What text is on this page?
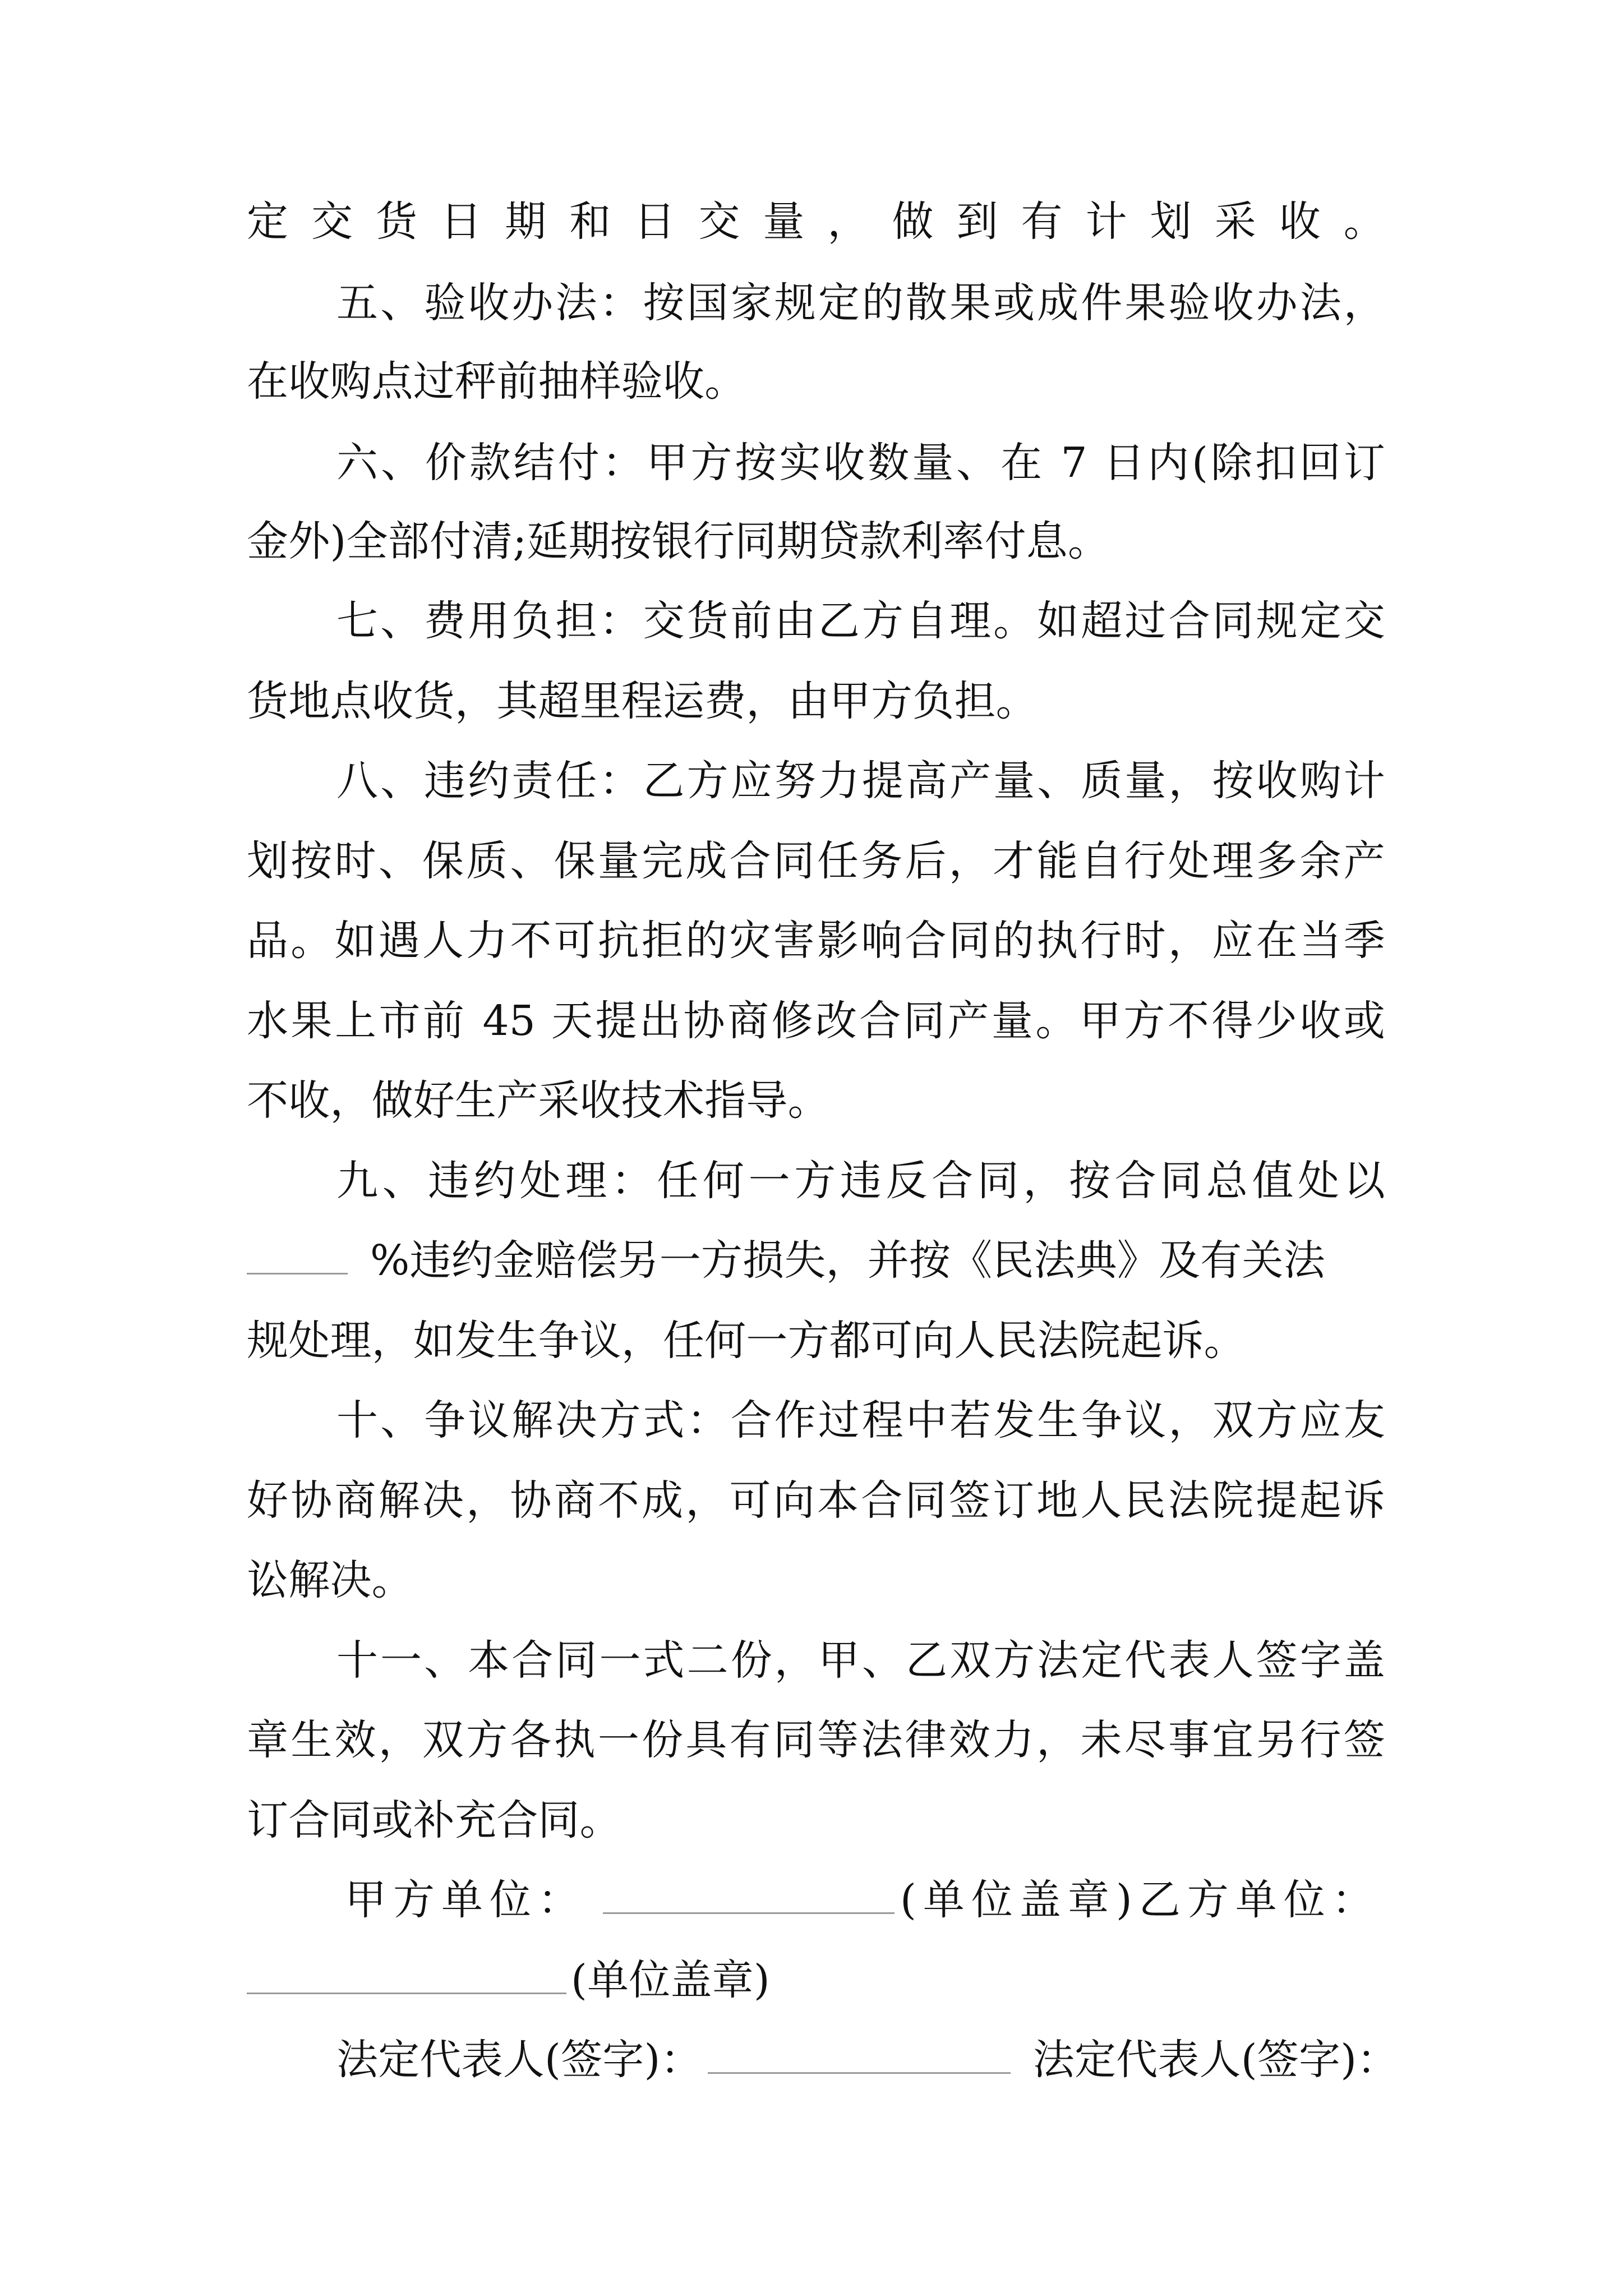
定交货日期和日交量，做到有计划采收。
五、验收办法：按国家规定的散果或成件果验收办法，
在收购点过秤前抽样验收。
六、价款结付：甲方按实收数量、在 7 日内(除扣回订
金外)全部付清;延期按银行同期贷款利率付息。
七、费用负担：交货前由乙方自理。如超过合同规定交
货地点收货，其超里程运费，由甲方负担。
八、违约责任：乙方应努力提高产量、质量，按收购计
划按时、保质、保量完成合同任务后，才能自行处理多余产
品。如遇人力不可抗拒的灾害影响合同的执行时，应在当季
水果上市前 45 天提出协商修改合同产量。甲方不得少收或
不收，做好生产采收技术指导。
九、违约处理：任何一方违反合同，按合同总值处以
%违约金赔偿另一方损失，并按《民法典》及有关法
规处理，如发生争议，任何一方都可向人民法院起诉。
十、争议解决方式：合作过程中若发生争议，双方应友
好协商解决，协商不成，可向本合同签订地人民法院提起诉
讼解决。
十一、本合同一式二份，甲、乙双方法定代表人签字盖
章生效，双方各执一份具有同等法律效力，未尽事宜另行签
订合同或补充合同。
甲方单位：	(单位盖章)乙方单位：
(单位盖章)
法定代表人(签字)：	法定代表人(签字)：
